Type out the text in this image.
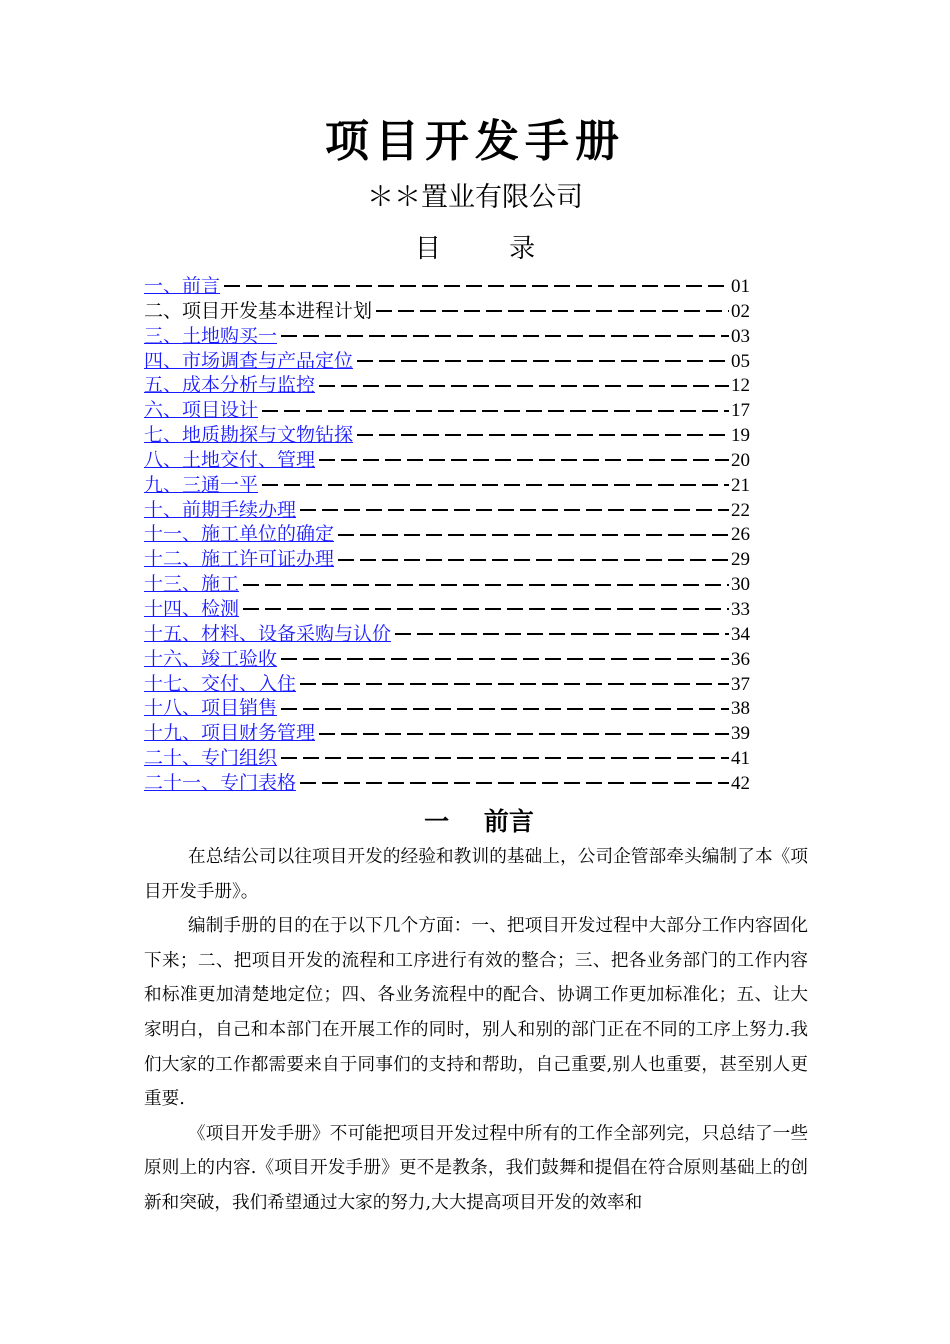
项目开发手册
＊＊置业有限公司
目 录
一、前言	01
二、项目开发基本进程计划	02
三、土地购买一	03
四、市场调查与产品定位	05
五、成本分析与监控	12
六、项目设计	17
七、地质勘探与文物钻探	19
八、土地交付、管理	20
九、三通一平	21
十、前期手续办理	22
十一、施工单位的确定	26
十二、施工许可证办理	29
十三、施工	30
十四、检测	33
十五、材料、设备采购与认价	34
十六、竣工验收	36
十七、交付、入住	37
十八、项目销售	38
十九、项目财务管理	39
二十、专门组织	41
二十一、专门表格	42
一 前言

在总结公司以往项目开发的经验和教训的基础上，公司企管部牵头编制了本《项目开发手册》。

编制手册的目的在于以下几个方面：一、把项目开发过程中大部分工作内容固化下来；二、把项目开发的流程和工序进行有效的整合；三、把各业务部门的工作内容和标准更加清楚地定位；四、各业务流程中的配合、协调工作更加标准化；五、让大家明白，自己和本部门在开展工作的同时，别人和别的部门正在不同的工序上努力.我们大家的工作都需要来自于同事们的支持和帮助，自己重要,别人也重要，甚至别人更重要.

《项目开发手册》不可能把项目开发过程中所有的工作全部列完，只总结了一些原则上的内容.《项目开发手册》更不是教条，我们鼓舞和提倡在符合原则基础上的创新和突破，我们希望通过大家的努力,大大提高项目开发的效率和
